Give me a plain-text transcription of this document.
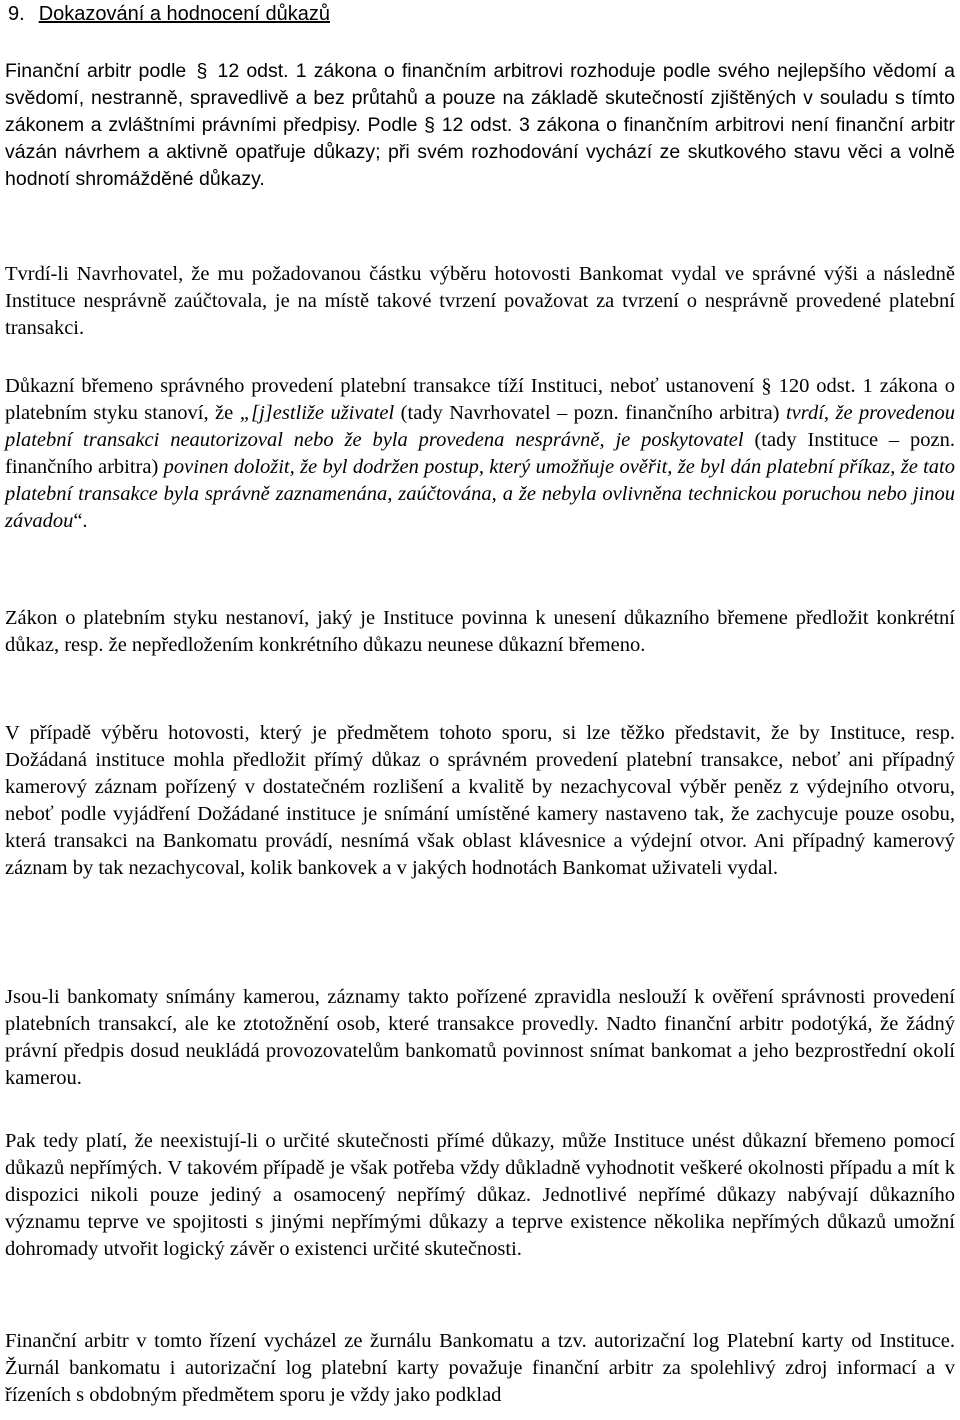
9. Dokazování a hodnocení důkazů
Finanční arbitr podle § 12 odst. 1 zákona o finančním arbitrovi rozhoduje podle svého nejlepšího vědomí a svědomí, nestranně, spravedlivě a bez průtahů a pouze na základě skutečností zjištěných v souladu s tímto zákonem a zvláštními právními předpisy. Podle § 12 odst. 3 zákona o finančním arbitrovi není finanční arbitr vázán návrhem a aktivně opatřuje důkazy; při svém rozhodování vychází ze skutkového stavu věci a volně hodnotí shromážděné důkazy.
Tvrdí-li Navrhovatel, že mu požadovanou částku výběru hotovosti Bankomat vydal ve správné výši a následně Instituce nesprávně zaúčtovala, je na místě takové tvrzení považovat za tvrzení o nesprávně provedené platební transakci.
Důkazní břemeno správného provedení platební transakce tíží Instituci, neboť ustanovení § 120 odst. 1 zákona o platebním styku stanoví, že „[j]estliže uživatel (tady Navrhovatel – pozn. finančního arbitra) tvrdí, že provedenou platební transakci neautorizoval nebo že byla provedena nesprávně, je poskytovatel (tady Instituce – pozn. finančního arbitra) povinen doložit, že byl dodržen postup, který umožňuje ověřit, že byl dán platební příkaz, že tato platební transakce byla správně zaznamenána, zaúčtována, a že nebyla ovlivněna technickou poruchou nebo jinou závadou“.
Zákon o platebním styku nestanoví, jaký je Instituce povinna k unesení důkazního břemene předložit konkrétní důkaz, resp. že nepředložením konkrétního důkazu neunese důkazní břemeno.
V případě výběru hotovosti, který je předmětem tohoto sporu, si lze těžko představit, že by Instituce, resp. Dožádaná instituce mohla předložit přímý důkaz o správném provedení platební transakce, neboť ani případný kamerový záznam pořízený v dostatečném rozlišení a kvalitě by nezachycoval výběr peněz z výdejního otvoru, neboť podle vyjádření Dožádané instituce je snímání umístěné kamery nastaveno tak, že zachycuje pouze osobu, která transakci na Bankomatu provádí, nesnímá však oblast klávesnice a výdejní otvor. Ani případný kamerový záznam by tak nezachycoval, kolik bankovek a v jakých hodnotách Bankomat uživateli vydal.
Jsou-li bankomaty snímány kamerou, záznamy takto pořízené zpravidla neslouží k ověření správnosti provedení platebních transakcí, ale ke ztotožnění osob, které transakce provedly. Nadto finanční arbitr podotýká, že žádný právní předpis dosud neukládá provozovatelům bankomatů povinnost snímat bankomat a jeho bezprostřední okolí kamerou.
Pak tedy platí, že neexistují-li o určité skutečnosti přímé důkazy, může Instituce unést důkazní břemeno pomocí důkazů nepřímých. V takovém případě je však potřeba vždy důkladně vyhodnotit veškeré okolnosti případu a mít k dispozici nikoli pouze jediný a osamocený nepřímý důkaz. Jednotlivé nepřímé důkazy nabývají důkazního významu teprve ve spojitosti s jinými nepřímými důkazy a teprve existence několika nepřímých důkazů umožní dohromady utvořit logický závěr o existenci určité skutečnosti.
Finanční arbitr v tomto řízení vycházel ze žurnálu Bankomatu a tzv. autorizační log Platební karty od Instituce. Žurnál bankomatu i autorizační log platební karty považuje finanční arbitr za spolehlivý zdroj informací a v řízeních s obdobným předmětem sporu je vždy jako podklad
